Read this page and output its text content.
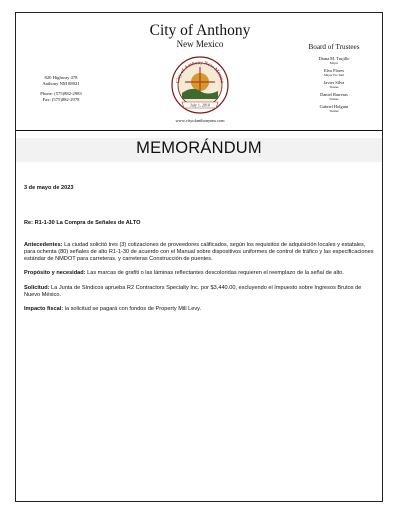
City of Anthony
New Mexico
820 Highway 478
Anthony NM 88021
Phone: (575)882-2983
Fax: (575)882-2978
City of Anthony New Mexico
July 1, 2010
www.cityofanthonynm.com
Board of Trustees
Diana M. Trujillo
Mayor
Elva Flores
Mayor Pro Tem
Javier Silva
Trustee
Daniel Barreras
Trustee
Gabriel Holguin
Trustee
MEMORÁNDUM
3 de mayo de 2023
Re: R1-1-30 La Compra de Señales de ALTO
Antecedentes: La ciudad solicitó tres (3) cotizaciones de proveedores calificados, según los requisitos de adquisición locales y estatales, para ochenta (80) señales de alto R1-1-30 de acuerdo con el Manual sobre dispositivos uniformes de control de tráfico y las especificaciones estándar de NMDOT para carreteras. y carreteras Construcción de puentes.
Propósito y necesidad: Las marcas de grafiti o las láminas reflectantes descoloridas requieren el reemplazo de la señal de alto.
Solicitud: La Junta de Síndicos aprueba R2 Contractors Specialty Inc. por $3,440.00, excluyendo el Impuesto sobre Ingresos Brutos de Nuevo México.
Impacto fiscal: la solicitud se pagará con fondos de Property Mill Levy.
